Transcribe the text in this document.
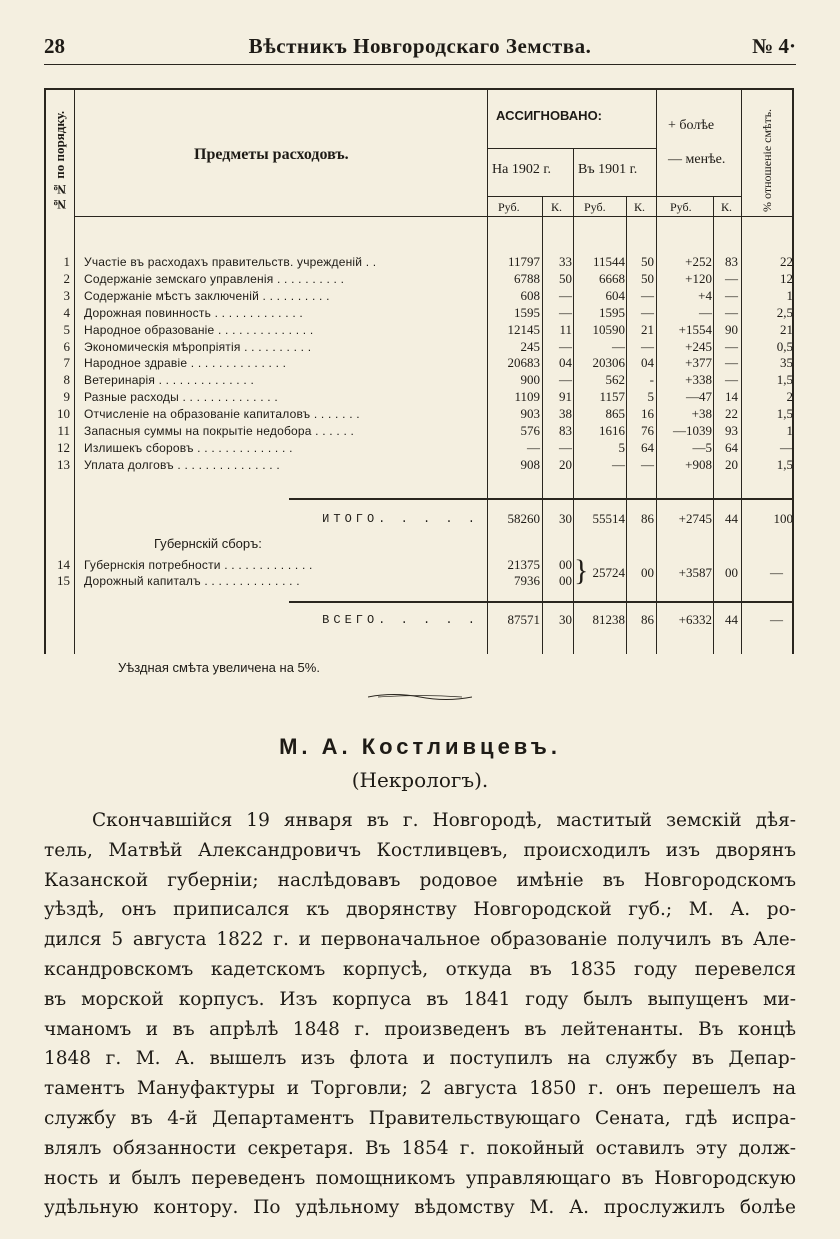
28	Вѣстникъ Новгородскаго Земства.	№ 4·
№№ по порядку.	Предметы расходовъ.
АССИГНОВАНО:
На 1902 г. Въ 1901 г.
+ болѣе
— менѣе.	% отношеніе смѣтъ.
Руб.	К. Руб. К. Руб. К.
1 Участіе въ расходахъ правительств. учрежденій . .	11797	33	11544	50	+252	83	22
2 Содержаніе земскаго управленія . . . . . . . . . .	6788	50	6668	50	+120	—	12
3 Содержаніе мѣстъ заключеній . . . . . . . . . .	608	—	604	—	+4	—	1
4 Дорожная повинность . . . . . . . . . . . . .	1595	—	1595	—	—	—	2,5
5 Народное образованіе . . . . . . . . . . . . . .	12145	11	10590	21	+1554	90	21
6 Экономическія мѣропріятія . . . . . . . . . .	245	—	—	—	+245	—	0,5
7 Народное здравіе . . . . . . . . . . . . . .	20683	04	20306	04	+377	—	35
8 Ветеринарія . . . . . . . . . . . . . .	900	—	562	-	+338	—	1,5
9 Разные расходы . . . . . . . . . . . . . .	1109	91	1157	5	—47	14	2
10 Отчисленіе на образованіе капиталовъ . . . . . . .	903	38	865	16	+38	22	1,5
11 Запасныя суммы на покрытіе недобора . . . . . .	576	83	1616	76	—1039	93	1
12 Излишекъ сборовъ . . . . . . . . . . . . . .	—	—	5	64	—5	64	—
13 Уплата долговъ . . . . . . . . . . . . . . .	908	20	—	—	+908	20	1,5
ИТОГО. . . . .	58260	30	55514	86	+2745	44	100
Губернскій сборъ:
14 Губернскія потребности . . . . . . . . . . . . .	21375	00
15 Дорожный капиталъ . . . . . . . . . . . . . .	7936	00 } 25724	00	+3587	00	—
ВСЕГО. . . . .	87571	30	81238	86	+6332	44	—
Уѣздная смѣта увеличена на 5%.
М. А. Костливцевъ.
(Некрологъ).
Скончавшійся 19 января въ г. Новгородѣ, маститый земскій дѣя-
тель, Матвѣй Александровичъ Костливцевъ, происходилъ изъ дворянъ
Казанской губерніи; наслѣдовавъ родовое имѣніе въ Новгородскомъ
уѣздѣ, онъ приписался къ дворянству Новгородской губ.; М. А. ро-
дился 5 августа 1822 г. и первоначальное образованіе получилъ въ Але-
ксандровскомъ кадетскомъ корпусѣ, откуда въ 1835 году перевелся
въ морской корпусъ. Изъ корпуса въ 1841 году былъ выпущенъ ми-
чманомъ и въ апрѣлѣ 1848 г. произведенъ въ лейтенанты. Въ концѣ
1848 г. М. А. вышелъ изъ флота и поступилъ на службу въ Депар-
таментъ Мануфактуры и Торговли; 2 августа 1850 г. онъ перешелъ на
службу въ 4-й Департаментъ Правительствующаго Сената, гдѣ испра-
влялъ обязанности секретаря. Въ 1854 г. покойный оставилъ эту долж-
ность и былъ переведенъ помощникомъ управляющаго въ Новгородскую
удѣльную контору. По удѣльному вѣдомству М. А. прослужилъ болѣе
